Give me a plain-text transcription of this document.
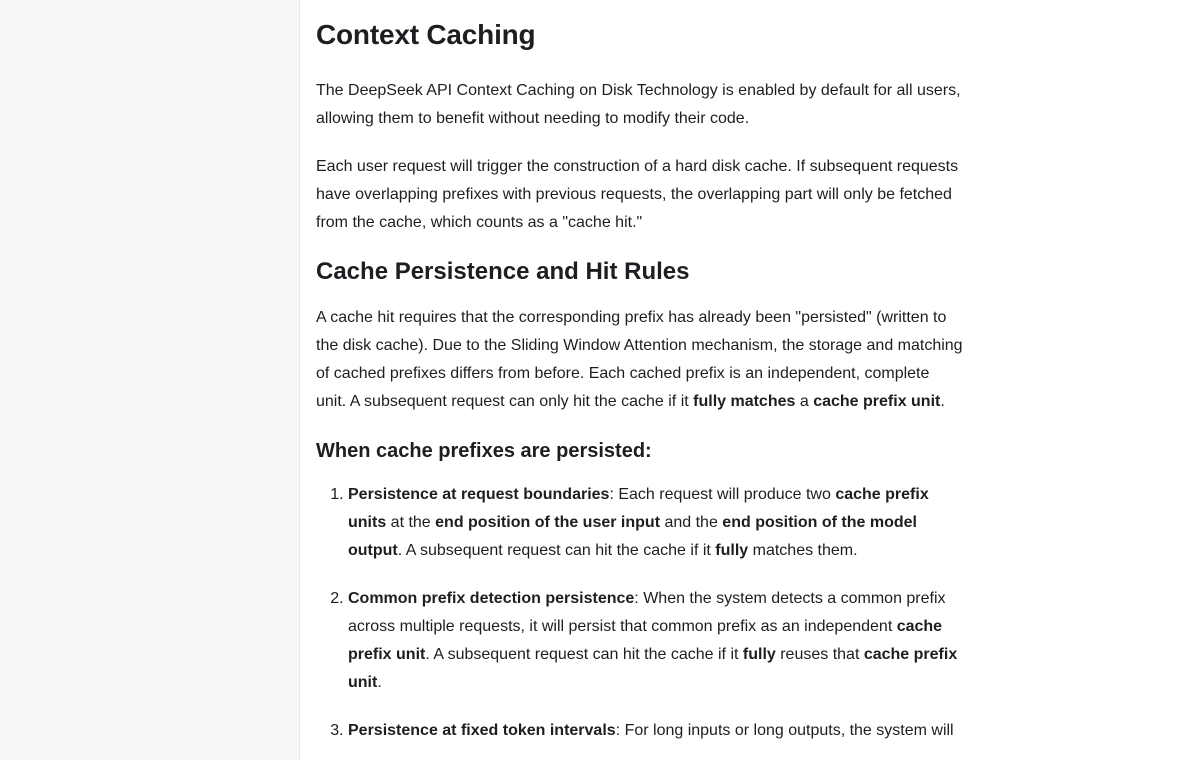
Context Caching

The DeepSeek API Context Caching on Disk Technology is enabled by default for all users, allowing them to benefit without needing to modify their code.

Each user request will trigger the construction of a hard disk cache. If subsequent requests have overlapping prefixes with previous requests, the overlapping part will only be fetched from the cache, which counts as a "cache hit."

Cache Persistence and Hit Rules

A cache hit requires that the corresponding prefix has already been "persisted" (written to the disk cache). Due to the Sliding Window Attention mechanism, the storage and matching of cached prefixes differs from before. Each cached prefix is an independent, complete unit. A subsequent request can only hit the cache if it fully matches a cache prefix unit.

When cache prefixes are persisted:
1. Persistence at request boundaries: Each request will produce two cache prefix units at the end position of the user input and the end position of the model output. A subsequent request can hit the cache if it fully matches them.
2. Common prefix detection persistence: When the system detects a common prefix across multiple requests, it will persist that common prefix as an independent cache prefix unit. A subsequent request can hit the cache if it fully reuses that cache prefix unit.
3. Persistence at fixed token intervals: For long inputs or long outputs, the system will
